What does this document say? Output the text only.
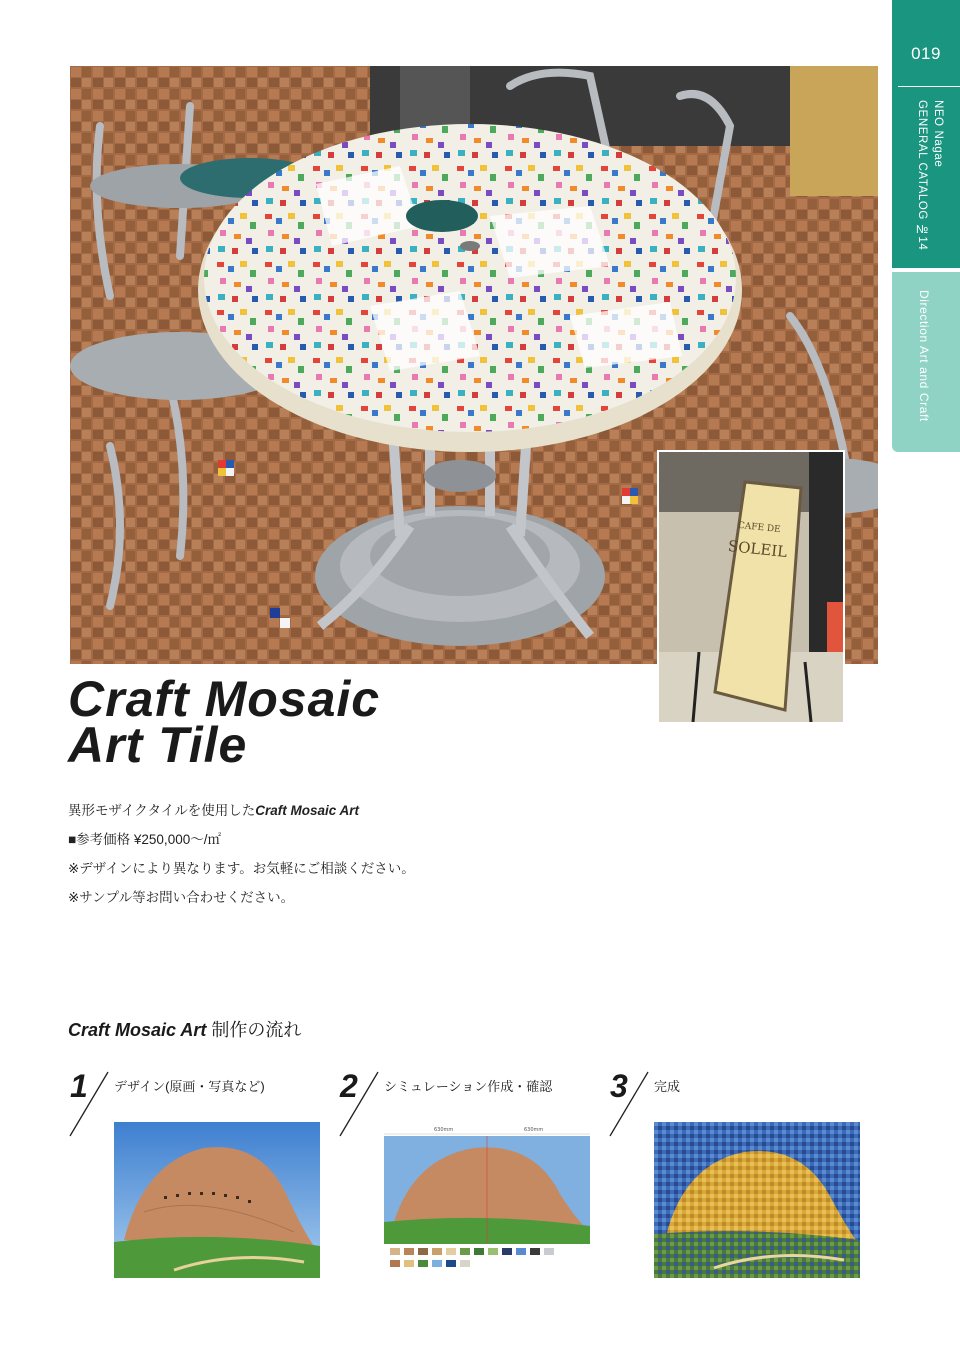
019
NEO Nagae
GENERAL CATALOG №14
Direction Art and Craft
CAFE DE
SOLEIL
Craft Mosaic
Art Tile

異形モザイクタイルを使用したCraft Mosaic Art

■参考価格 ¥250,000〜/㎡

※デザインにより異なります。お気軽にご相談ください。

※サンプル等お問い合わせください。

Craft Mosaic Art 制作の流れ
1 デザイン(原画・写真など) 2 シミュレーション作成・確認
630mm	630mm
3 完成
